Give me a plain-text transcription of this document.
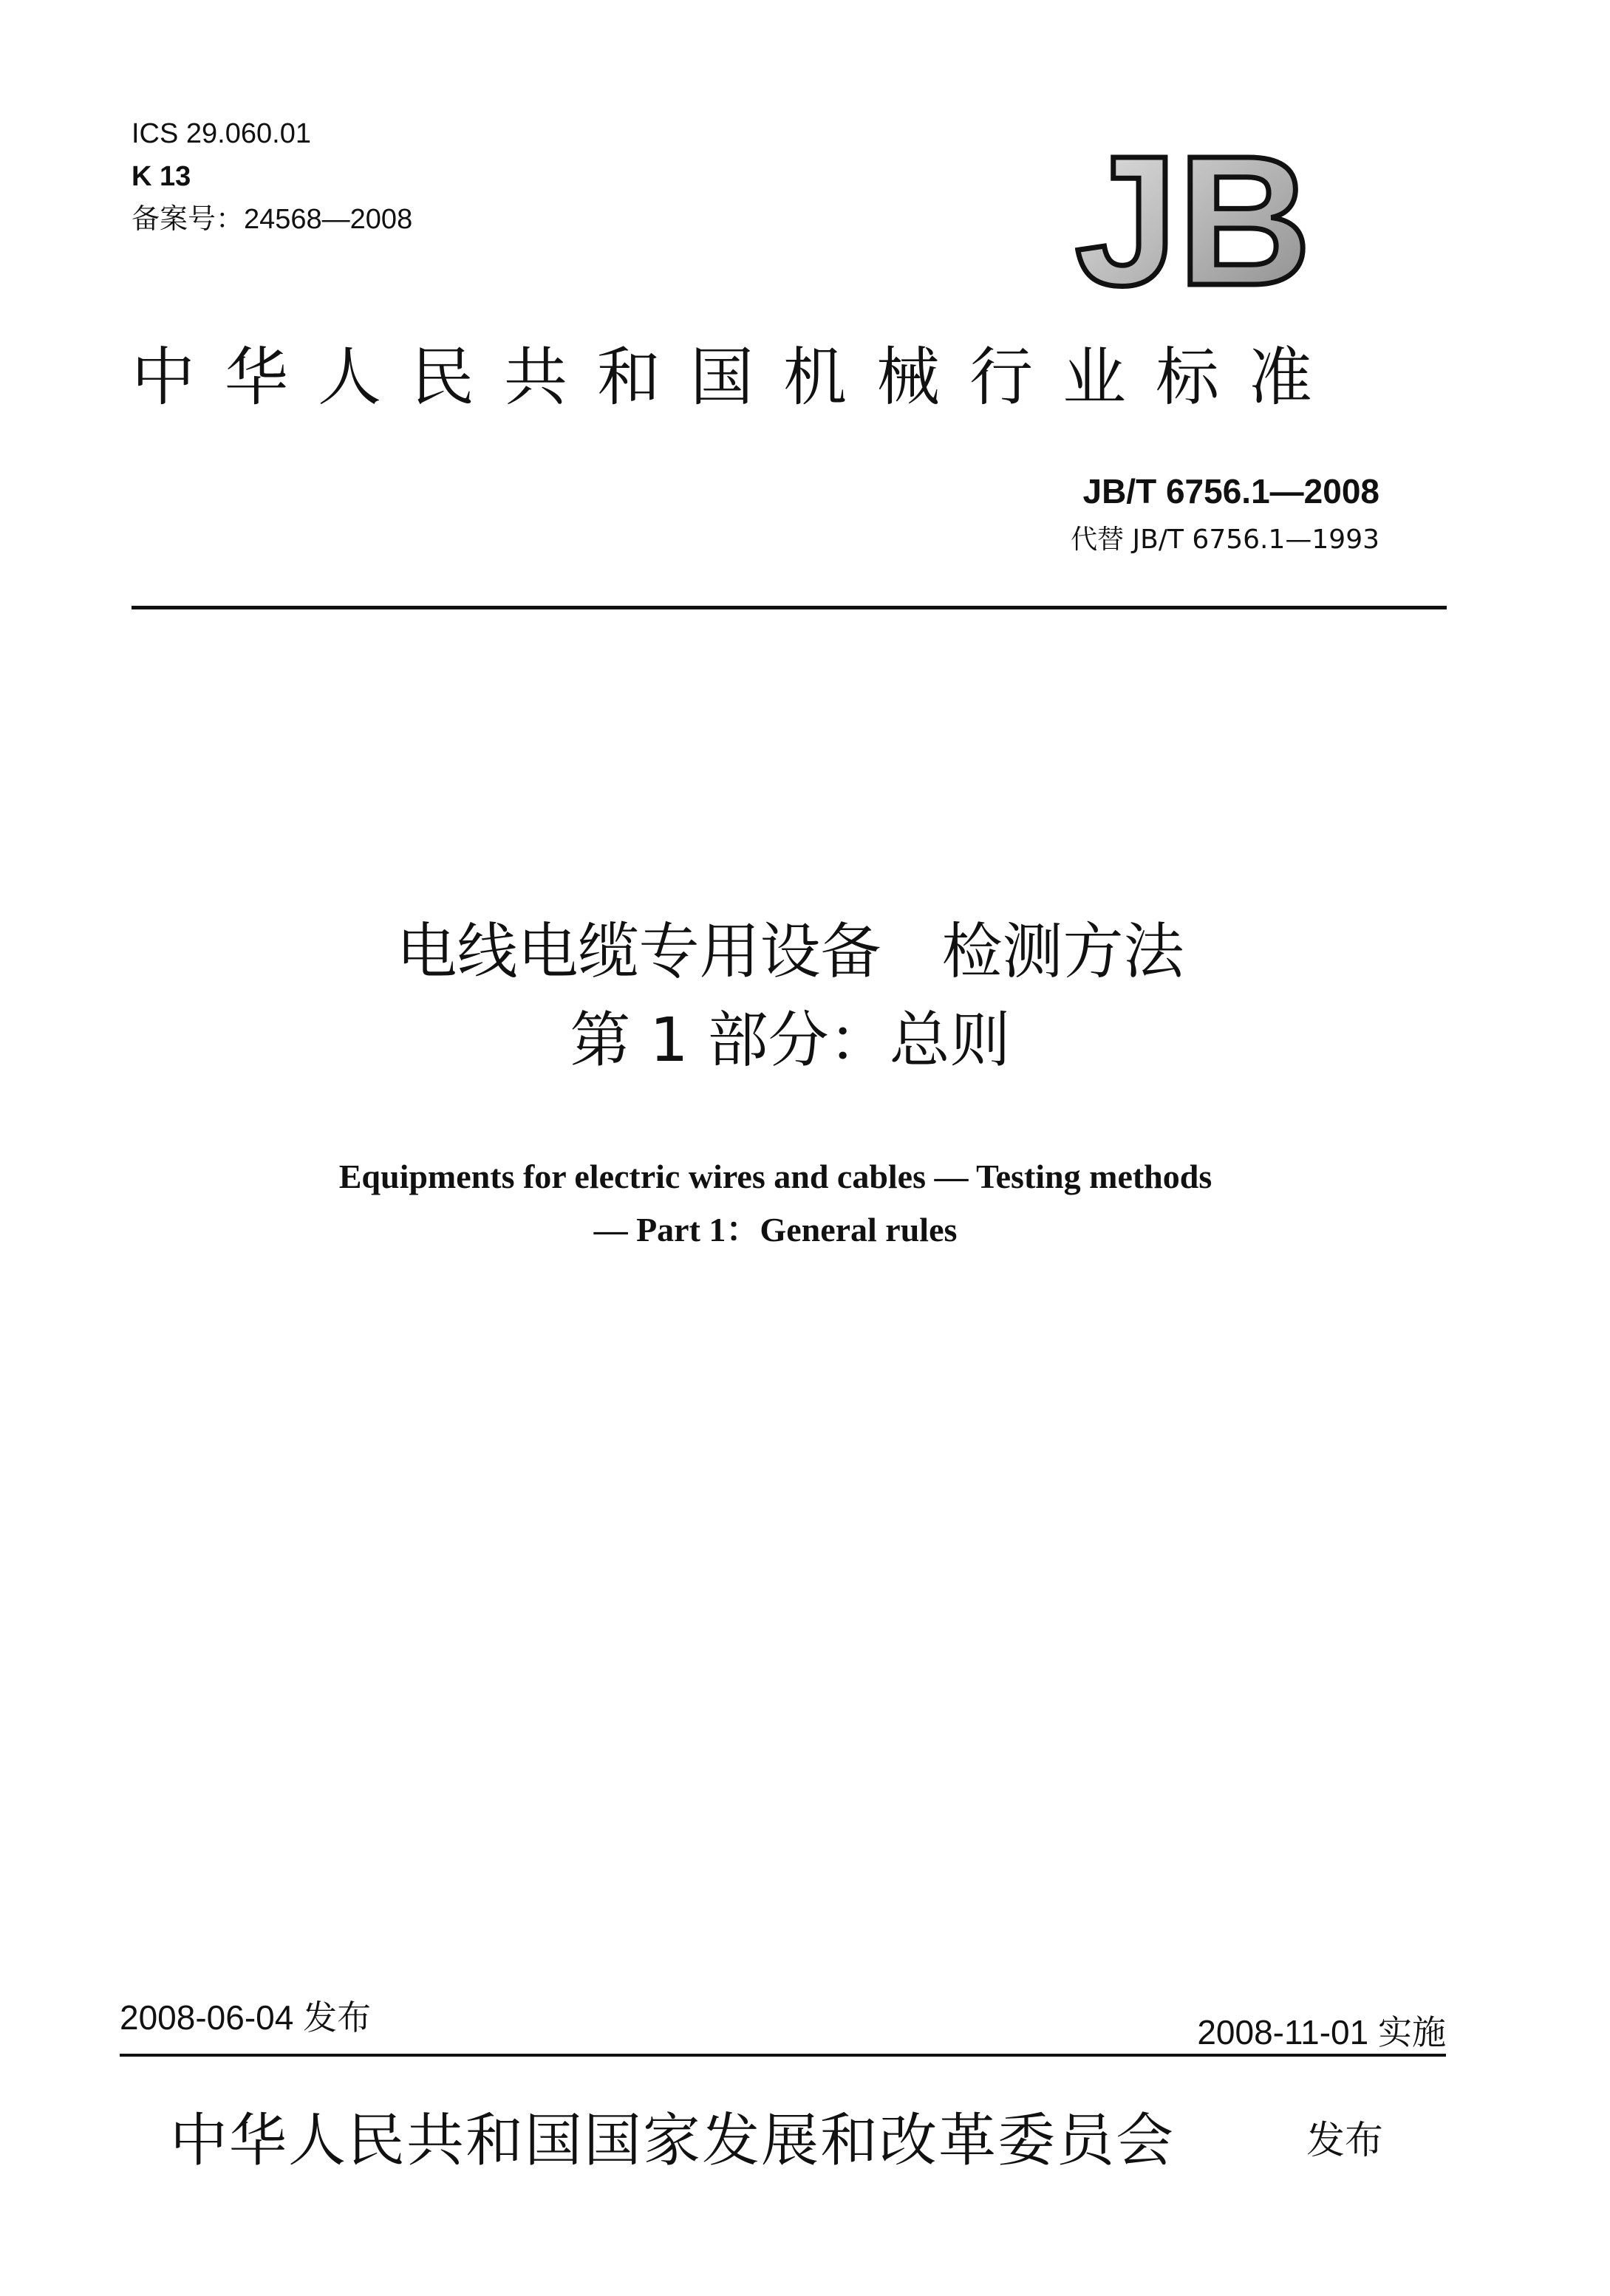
ICS 29.060.01
K 13
备案号：24568—2008	JB
中华人民共和国机械行业标准
JB/T 6756.1—2008
代替 JB/T 6756.1—1993
电线电缆专用设备　检测方法
第 1 部分：总则
Equipments for electric wires and cables — Testing methods
— Part 1：General rules
2008-06-04 发布	2008-11-01 实施
中华人民共和国国家发展和改革委员会	发布
